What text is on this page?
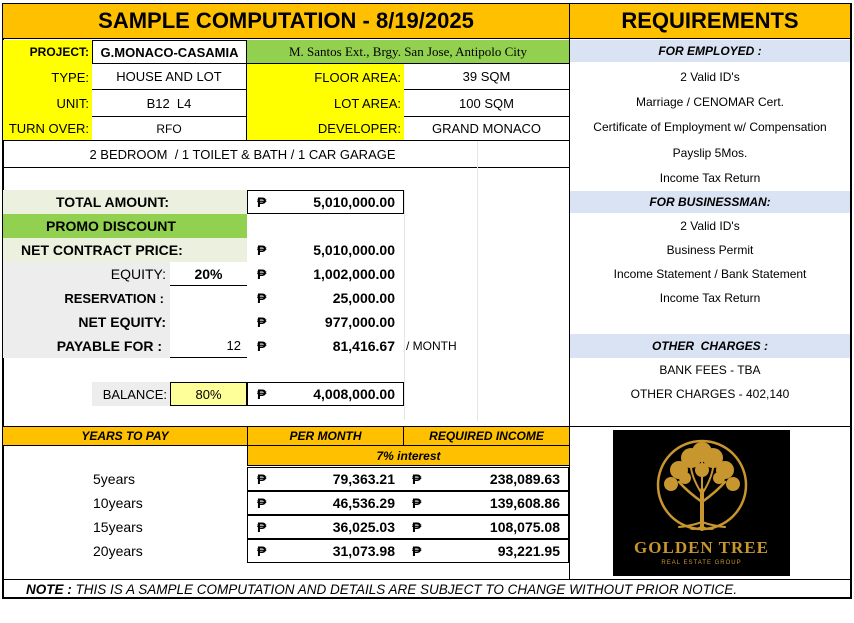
SAMPLE COMPUTATION - 8/19/2025
PROJECT: G.MONACO-CASAMIA	M. Santos Ext., Brgy. San Jose, Antipolo City
TYPE:	HOUSE AND LOT	FLOOR AREA:	39 SQM
UNIT:	B12  L4	LOT AREA:	100 SQM
TURN OVER:	RFO	DEVELOPER:	GRAND MONACO
2 BEDROOM  / 1 TOILET & BATH / 1 CAR GARAGE
TOTAL AMOUNT:	₱	5,010,000.00
PROMO DISCOUNT
NET CONTRACT PRICE:	₱	5,010,000.00
EQUITY:	20%	₱	1,002,000.00
RESERVATION :	₱	25,000.00
NET EQUITY:	₱	977,000.00
PAYABLE FOR :	12	₱	81,416.67 / MONTH
BALANCE:	80%	₱	4,008,000.00
YEARS TO PAY	PER MONTH	REQUIRED INCOME
7% interest
5years	₱	79,363.21 ₱	238,089.63
10years	₱	46,536.29 ₱	139,608.86
15years	₱	36,025.03 ₱	108,075.08
20years	₱	31,073.98 ₱	93,221.95
REQUIREMENTS
FOR EMPLOYED :
2 Valid ID's
Marriage / CENOMAR Cert.
Certificate of Employment w/ Compensation
Payslip 5Mos.
Income Tax Return
FOR BUSINESSMAN:
2 Valid ID's
Business Permit
Income Statement / Bank Statement
Income Tax Return
OTHER  CHARGES :
BANK FEES - TBA
OTHER CHARGES - 402,140
GOLDEN TREE
REAL ESTATE GROUP
NOTE : THIS IS A SAMPLE COMPUTATION AND DETAILS ARE SUBJECT TO CHANGE WITHOUT PRIOR NOTICE.
